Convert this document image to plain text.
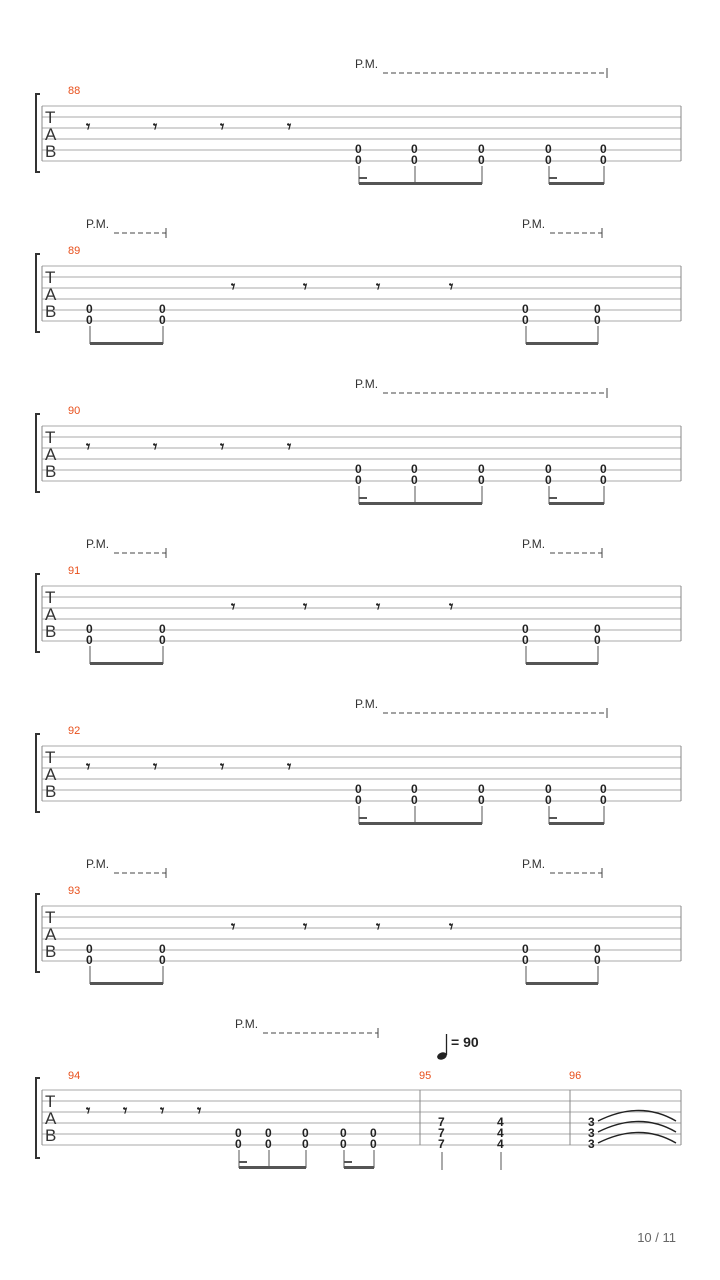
T
A
B
88
P.M.
𝄾	𝄾	𝄾	𝄾
0
0
0
0
0
0
0
0
0
0
T
A
B
89
P.M.	P.M.
𝄾	𝄾	𝄾	𝄾
0
0
0
0
0
0
0
0
T
A
B
90
P.M.
𝄾	𝄾	𝄾	𝄾
0
0
0
0
0
0
0
0
0
0
T
A
B
91
P.M.	P.M.
𝄾	𝄾	𝄾	𝄾
0
0
0
0
0
0
0
0
T
A
B
92
P.M.
𝄾	𝄾	𝄾	𝄾
0
0
0
0
0
0
0
0
0
0
T
A
B
93
P.M.	P.M.
𝄾	𝄾	𝄾	𝄾
0
0
0
0
0
0
0
0
T
A
B
94	95	96
P.M.
= 90
𝄾 𝄾 𝄾 𝄾
0
0
0
0
0
0
0
0
0
0
7
7
7
4
4
4
3
3
3
10 / 11
